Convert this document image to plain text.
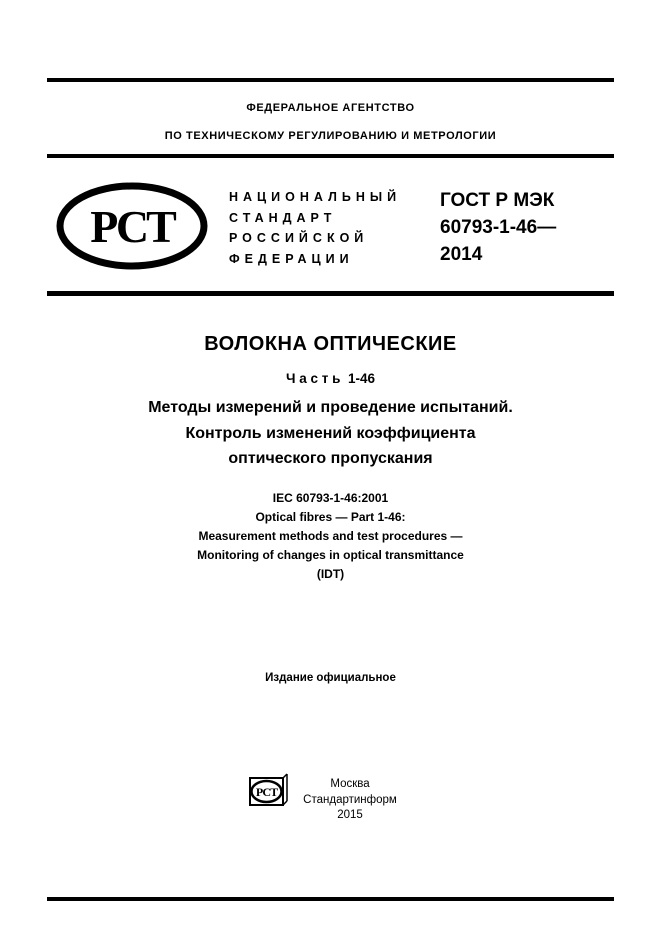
ФЕДЕРАЛЬНОЕ АГЕНТСТВО
ПО ТЕХНИЧЕСКОМУ РЕГУЛИРОВАНИЮ И МЕТРОЛОГИИ
РСТ
НАЦИОНАЛЬНЫЙ
СТАНДАРТ
РОССИЙСКОЙ
ФЕДЕРАЦИИ
ГОСТ Р МЭК
60793-1-46—
2014
ВОЛОКНА ОПТИЧЕСКИЕ
Ч а с т ь  1-46
Методы измерений и проведение испытаний.
Контроль изменений коэффициента
оптического пропускания
IEC 60793-1-46:2001
Optical fibres — Part 1-46:
Measurement methods and test procedures —
Monitoring of changes in optical transmittance
(IDT)
Издание официальное
РСТ
Москва
Стандартинформ
2015
